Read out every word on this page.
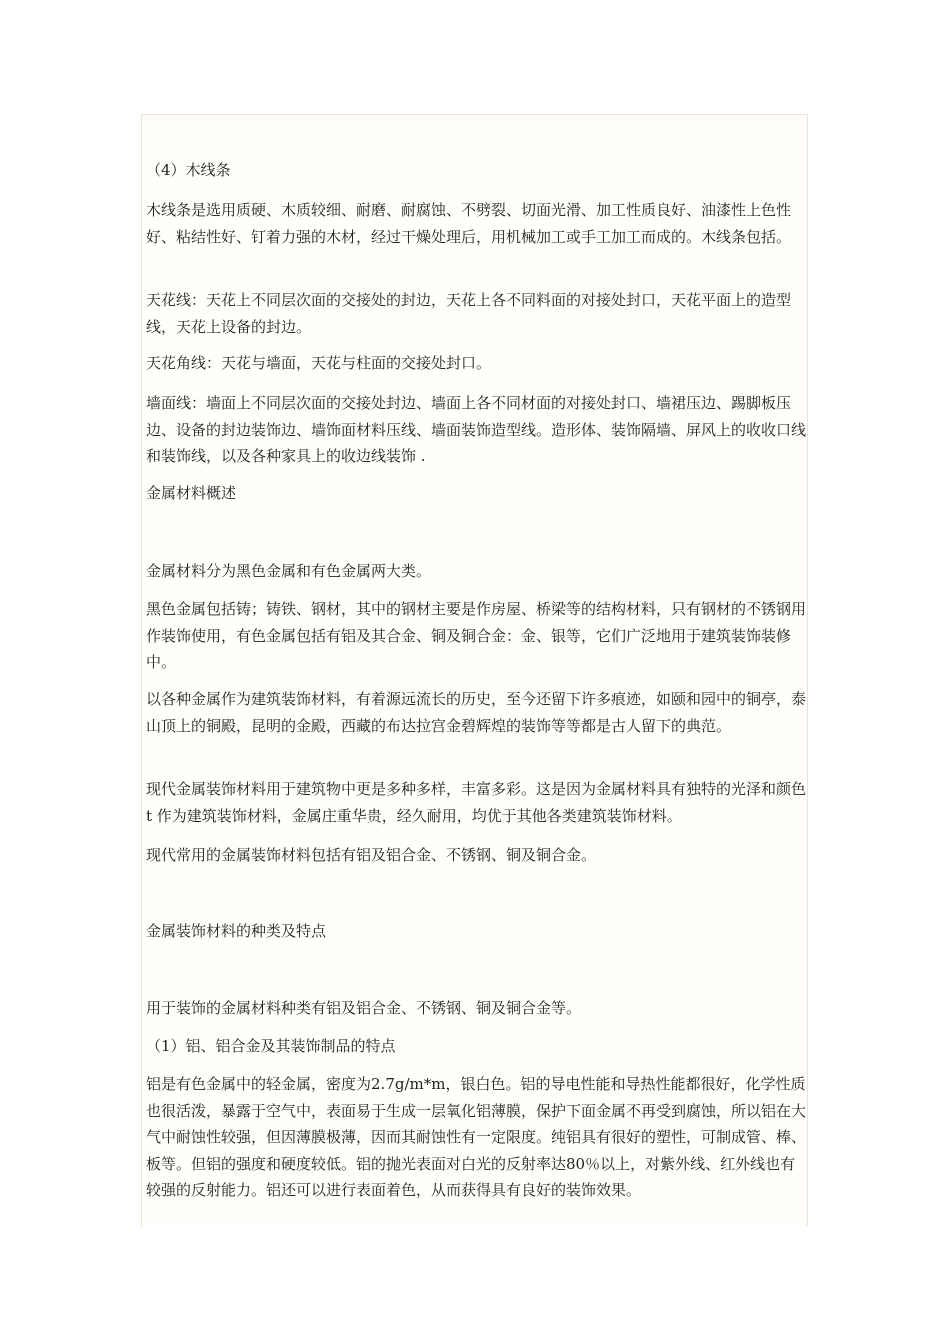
（4）木线条

木线条是选用质硬、木质较细、耐磨、耐腐蚀、不劈裂、切面光滑、加工性质良好、油漆性上色性好、粘结性好、钉着力强的木材，经过干燥处理后，用机械加工或手工加工而成的。木线条包括。

天花线：天花上不同层次面的交接处的封边，天花上各不同料面的对接处封口，天花平面上的造型线，天花上设备的封边。

天花角线：天花与墙面，天花与柱面的交接处封口。

墙面线：墙面上不同层次面的交接处封边、墙面上各不同材面的对接处封口、墙裙压边、踢脚板压边、设备的封边装饰边、墙饰面材料压线、墙面装饰造型线。造形体、装饰隔墙、屏风上的收收口线和装饰线，以及各种家具上的收边线装饰 .

金属材料概述

金属材料分为黑色金属和有色金属两大类。

黑色金属包括铸；铸铁、钢材，其中的钢材主要是作房屋、桥梁等的结构材料，只有钢材的不锈钢用作装饰使用，有色金属包括有铝及其合金、铜及铜合金：金、银等，它们广泛地用于建筑装饰装修中。

以各种金属作为建筑装饰材料，有着源远流长的历史，至今还留下许多痕迹，如颐和园中的铜亭，泰山顶上的铜殿，昆明的金殿，西藏的布达拉宫金碧辉煌的装饰等等都是古人留下的典范。

现代金属装饰材料用于建筑物中更是多种多样，丰富多彩。这是因为金属材料具有独特的光泽和颜色 t 作为建筑装饰材料，金属庄重华贵，经久耐用，均优于其他各类建筑装饰材料。

现代常用的金属装饰材料包括有铝及铝合金、不锈钢、铜及铜合金。

金属装饰材料的种类及特点

用于装饰的金属材料种类有铝及铝合金、不锈钢、铜及铜合金等。

（1）铝、铝合金及其装饰制品的特点

铝是有色金属中的轻金属，密度为2.7g/m*m，银白色。铝的导电性能和导热性能都很好，化学性质也很活泼，暴露于空气中，表面易于生成一层氧化铝薄膜，保护下面金属不再受到腐蚀，所以铝在大气中耐蚀性较强，但因薄膜极薄，因而其耐蚀性有一定限度。纯铝具有很好的塑性，可制成管、棒、板等。但铝的强度和硬度较低。铝的抛光表面对白光的反射率达80％以上，对紫外线、红外线也有较强的反射能力。铝还可以进行表面着色，从而获得具有良好的装饰效果。
